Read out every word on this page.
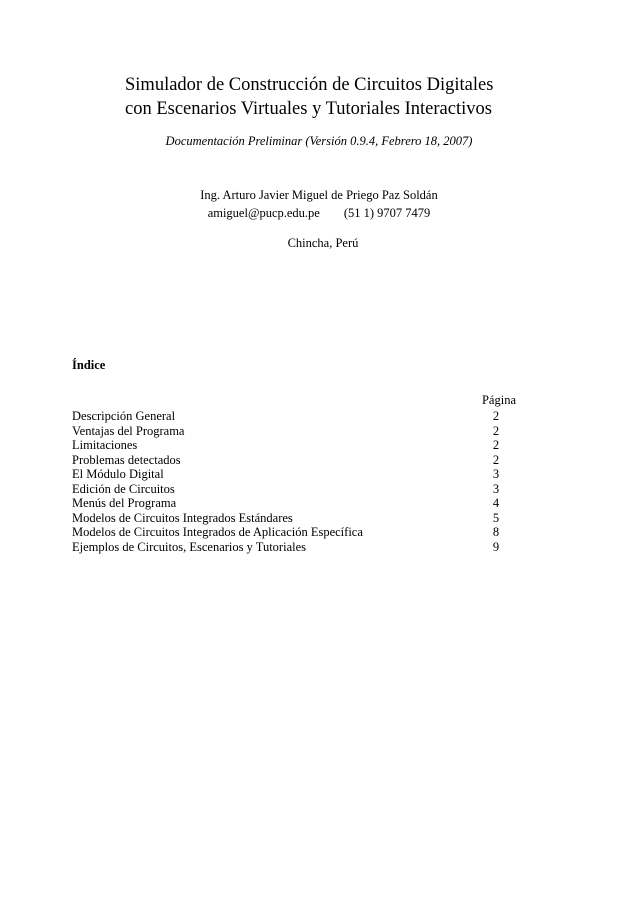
Simulador de Construcción de Circuitos Digitales
con Escenarios Virtuales y Tutoriales Interactivos
Documentación Preliminar (Versión 0.9.4, Febrero 18, 2007)
Ing. Arturo Javier Miguel de Priego Paz Soldán
amiguel@pucp.edu.pe (51 1) 9707 7479
Chincha, Perú
Índice
Página
Descripción General	2
Ventajas del Programa	2
Limitaciones	2
Problemas detectados	2
El Módulo Digital	3
Edición de Circuitos	3
Menús del Programa	4
Modelos de Circuitos Integrados Estándares	5
Modelos de Circuitos Integrados de Aplicación Específica	8
Ejemplos de Circuitos, Escenarios y Tutoriales	9
